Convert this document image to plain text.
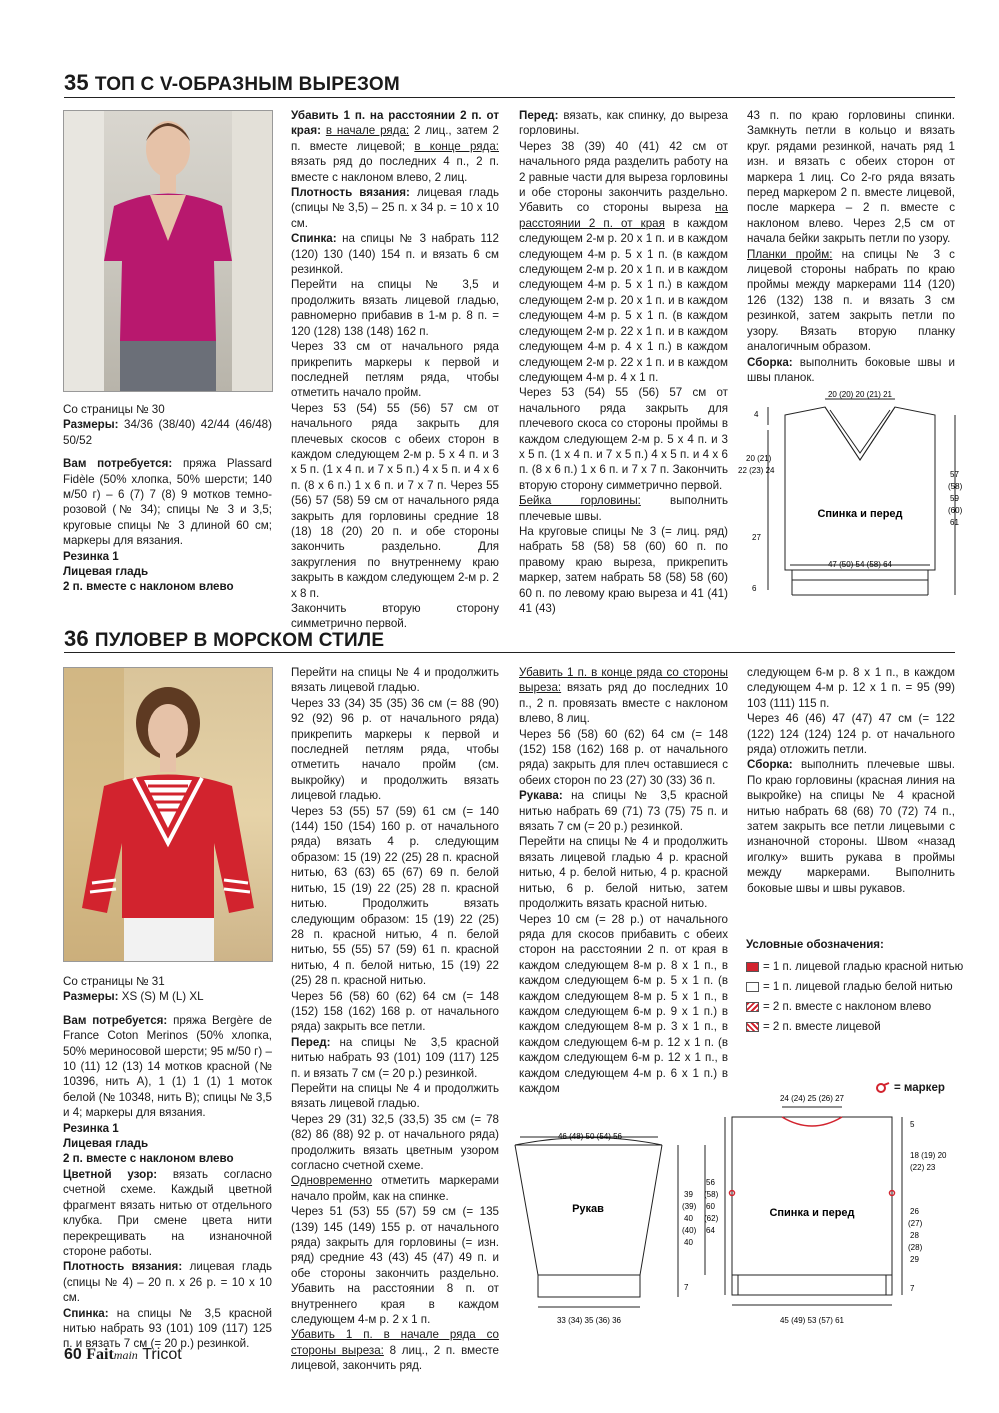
35 ТОП С V-ОБРАЗНЫМ ВЫРЕЗОМ

Со страницы № 30

Размеры: 34/36 (38/40) 42/44 (46/48) 50/52

Вам потребуется: пряжа Plassard Fidèle (50% хлопка, 50% шерсти; 140 м/50 г) – 6 (7) 7 (8) 9 мотков темно-розовой (№ 34); спицы № 3 и 3,5; круговые спицы № 3 длиной 60 см; маркеры для вязания.

Резинка 1

Лицевая гладь

2 п. вместе с наклоном влево

Убавить 1 п. на расстоянии 2 п. от края: в начале ряда: 2 лиц., затем 2 п. вместе лицевой; в конце ряда: вязать ряд до последних 4 п., 2 п. вместе с наклоном влево, 2 лиц.

Плотность вязания: лицевая гладь (спицы № 3,5) – 25 п. х 34 р. = 10 х 10 см.

Спинка: на спицы № 3 набрать 112 (120) 130 (140) 154 п. и вязать 6 см резинкой.

Перейти на спицы № 3,5 и продолжить вязать лицевой гладью, равномерно прибавив в 1-м р. 8 п. = 120 (128) 138 (148) 162 п.

Через 33 см от начального ряда прикрепить маркеры к первой и последней петлям ряда, чтобы отметить начало пройм.

Через 53 (54) 55 (56) 57 см от начального ряда закрыть для плечевых скосов с обеих сторон в каждом следующем 2-м р. 5 х 4 п. и 3 х 5 п. (1 х 4 п. и 7 х 5 п.) 4 х 5 п. и 4 х 6 п. (8 х 6 п.) 1 х 6 п. и 7 х 7 п. Через 55 (56) 57 (58) 59 см от начального ряда закрыть для горловины средние 18 (18) 18 (20) 20 п. и обе стороны закончить раздельно. Для закругления по внутреннему краю закрыть в каждом следующем 2-м р. 2 х 8 п.

Закончить вторую сторону симметрично первой.

Перед: вязать, как спинку, до выреза горловины.

Через 38 (39) 40 (41) 42 см от начального ряда разделить работу на 2 равные части для выреза горловины и обе стороны закончить раздельно. Убавить со стороны выреза на расстоянии 2 п. от края в каждом следующем 2-м р. 20 х 1 п. и в каждом следующем 4-м р. 5 х 1 п. (в каждом следующем 2-м р. 20 х 1 п. и в каждом следующем 4-м р. 5 х 1 п.) в каждом следующем 2-м р. 20 х 1 п. и в каждом следующем 4-м р. 5 х 1 п. (в каждом следующем 2-м р. 22 х 1 п. и в каждом следующем 4-м р. 4 х 1 п.) в каждом следующем 2-м р. 22 х 1 п. и в каждом следующем 4-м р. 4 х 1 п.

Через 53 (54) 55 (56) 57 см от начального ряда закрыть для плечевого скоса со стороны проймы в каждом следующем 2-м р. 5 х 4 п. и 3 х 5 п. (1 х 4 п. и 7 х 5 п.) 4 х 5 п. и 4 х 6 п. (8 х 6 п.) 1 х 6 п. и 7 х 7 п. Закончить вторую сторону симметрично первой.

Бейка горловины:	выполнить плечевые швы.

На круговые спицы № 3 (= лиц. ряд) набрать 58 (58) 58 (60) 60 п. по правому краю выреза, прикрепить маркер, затем набрать 58 (58) 58 (60) 60 п. по левому краю выреза и 41 (41) 41 (43)

43 п. по краю горловины спинки. Замкнуть петли в кольцо и вязать круг. рядами резинкой, начать ряд 1 изн. и вязать с обеих сторон от маркера 1 лиц. Со 2-го ряда вязать перед маркером 2 п. вместе лицевой, после маркера – 2 п. вместе с наклоном влево. Через 2,5 см от начала бейки закрыть петли по узору.

Планки пройм: на спицы № 3 с лицевой стороны набрать по краю проймы между маркерами 114 (120) 126 (132) 138 п. и вязать 3 см резинкой, затем закрыть петли по узору. Вязать вторую планку аналогичным образом.

Сборка: выполнить боковые швы и швы планок.

20 (20) 20 (21) 21
4
20 (21)
22 (23) 24
27
6
57
(58)
59
(60)
61
Спинка и перед
47 (50) 54 (58) 64
36 ПУЛОВЕР В МОРСКОМ СТИЛЕ

Со страницы № 31

Размеры: XS (S) M (L) XL

Вам потребуется: пряжа Bergère de France Coton Merinos (50% хлопка, 50% мериносовой шерсти; 95 м/50 г) – 10 (11) 12 (13) 14 мотков красной (№ 10396, нить А), 1 (1) 1 (1) 1 моток белой (№ 10348, нить В); спицы № 3,5 и 4; маркеры для вязания.

Резинка 1

Лицевая гладь

2 п. вместе с наклоном влево

Цветной узор: вязать согласно счетной схеме. Каждый цветной фрагмент вязать нитью от отдельного клубка. При смене цвета нити перекрещивать на изнаночной стороне работы.

Плотность вязания: лицевая гладь (спицы № 4) – 20 п. х 26 р. = 10 х 10 см.

Спинка: на спицы № 3,5 красной нитью набрать 93 (101) 109 (117) 125 п. и вязать 7 см (= 20 р.) резинкой.

Перейти на спицы № 4 и продолжить вязать лицевой гладью.

Через 33 (34) 35 (35) 36 см (= 88 (90) 92 (92) 96 р. от начального ряда) прикрепить маркеры к первой и последней петлям ряда, чтобы отметить начало пройм (см. выкройку) и продолжить вязать лицевой гладью.

Через 53 (55) 57 (59) 61 см (= 140 (144) 150 (154) 160 р. от начального ряда) вязать 4 р. следующим образом: 15 (19) 22 (25) 28 п. красной нитью, 63 (63) 65 (67) 69 п. белой нитью, 15 (19) 22 (25) 28 п. красной нитью. Продолжить вязать следующим образом: 15 (19) 22 (25) 28 п. красной нитью, 4 п. белой нитью, 55 (55) 57 (59) 61 п. красной нитью, 4 п. белой нитью, 15 (19) 22 (25) 28 п. красной нитью.

Через 56 (58) 60 (62) 64 см (= 148 (152) 158 (162) 168 р. от начального ряда) закрыть все петли.

Перед: на спицы № 3,5 красной нитью набрать 93 (101) 109 (117) 125 п. и вязать 7 см (= 20 р.) резинкой.

Перейти на спицы № 4 и продолжить вязать лицевой гладью.

Через 29 (31) 32,5 (33,5) 35 см (= 78 (82) 86 (88) 92 р. от начального ряда) продолжить вязать цветным узором согласно счетной схеме.

Одновременно отметить маркерами начало пройм, как на спинке.

Через 51 (53) 55 (57) 59 см (= 135 (139) 145 (149) 155 р. от начального ряда) закрыть для горловины (= изн. ряд) средние 43 (43) 45 (47) 49 п. и обе стороны закончить раздельно. Убавить на расстоянии 8 п. от внутреннего края в каждом следующем 4-м р. 2 х 1 п.

Убавить 1 п. в начале ряда со стороны выреза: 8 лиц., 2 п. вместе лицевой, закончить ряд.

Убавить 1 п. в конце ряда со стороны выреза: вязать ряд до последних 10 п., 2 п. провязать вместе с наклоном влево, 8 лиц.

Через 56 (58) 60 (62) 64 см (= 148 (152) 158 (162) 168 р. от начального ряда) закрыть для плеч оставшиеся с обеих сторон по 23 (27) 30 (33) 36 п.

Рукава: на спицы № 3,5 красной нитью набрать 69 (71) 73 (75) 75 п. и вязать 7 см (= 20 р.) резинкой.

Перейти на спицы № 4 и продолжить вязать лицевой гладью 4 р. красной нитью, 4 р. белой нитью, 4 р. красной нитью, 6 р. белой нитью, затем продолжить вязать красной нитью.

Через 10 см (= 28 р.) от начального ряда для скосов прибавить с обеих сторон на расстоянии 2 п. от края в каждом следующем 8-м р. 8 х 1 п., в каждом следующем 6-м р. 5 х 1 п. (в каждом следующем 8-м р. 5 х 1 п., в каждом следующем 6-м р. 9 х 1 п.) в каждом следующем 8-м р. 3 х 1 п., в каждом следующем 6-м р. 12 х 1 п. (в каждом следующем 6-м р. 12 х 1 п., в каждом следующем 4-м р. 6 х 1 п.) в каждом

следующем 6-м р. 8 х 1 п., в каждом следующем 4-м р. 12 х 1 п. = 95 (99) 103 (111) 115 п.

Через 46 (46) 47 (47) 47 см (= 122 (122) 124 (124) 124 р. от начального ряда) отложить петли.

Сборка: выполнить плечевые швы. По краю горловины (красная линия на выкройке) на спицы № 4 красной нитью набрать 68 (68) 70 (72) 74 п., затем закрыть все петли лицевыми с изнаночной стороны. Швом «назад иголку» вшить рукава в проймы между маркерами. Выполнить боковые швы и швы рукавов.

Условные обозначения:
= 1 п. лицевой гладью красной нитью
= 1 п. лицевой гладью белой нитью
= 2 п. вместе с наклоном влево
= 2 п. вместе лицевой
= маркер
46 (48) 50 (54) 56
Рукав
39
(39)
40
(40)
40
56
(58)
60
(62)
64
7
33 (34) 35 (36) 36
24 (24) 25 (26) 27
Спинка и перед
5
18 (19) 20
(22) 23
26
(27)
28
(28)
29
7
45 (49) 53 (57) 61
60 Faitmain Tricot
